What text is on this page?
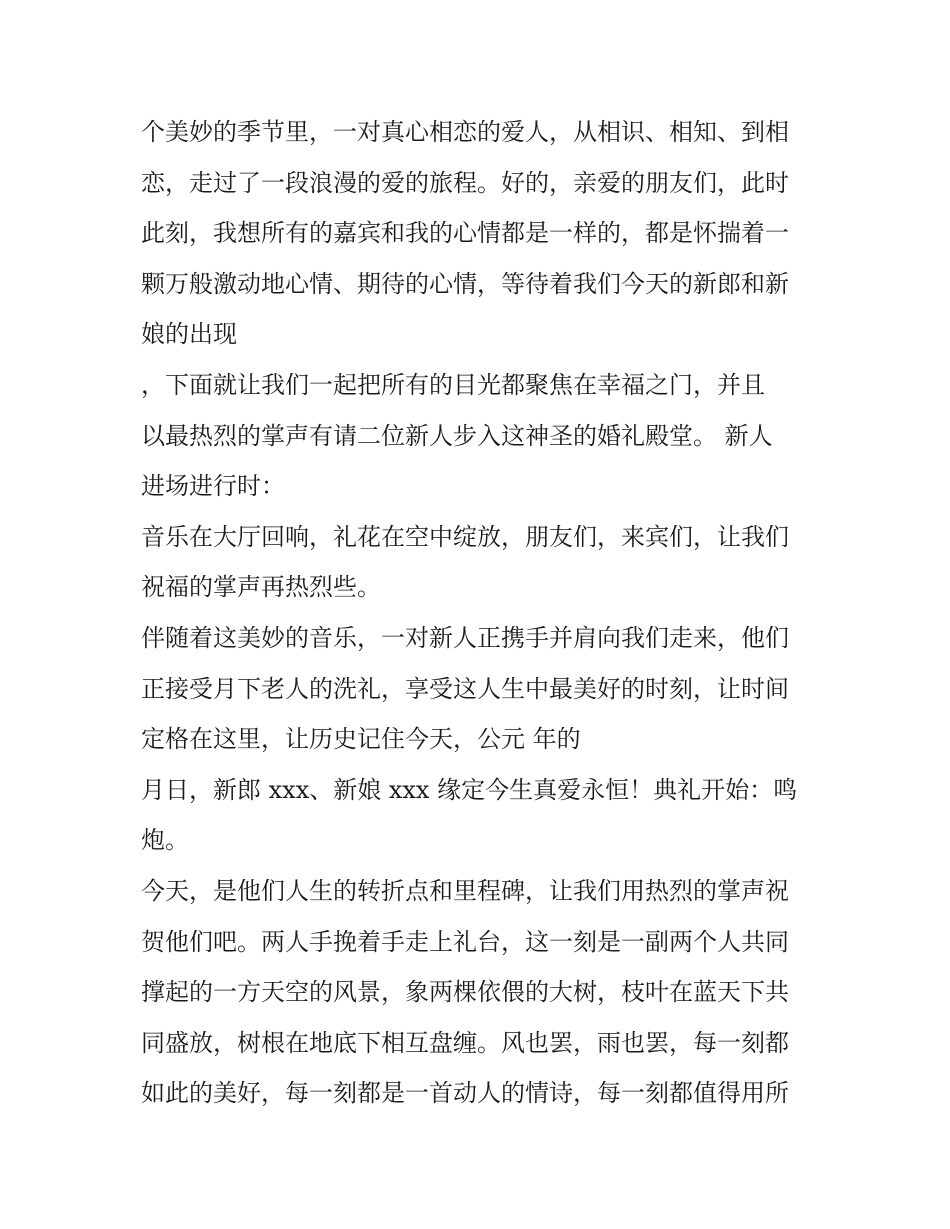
个美妙的季节里，一对真心相恋的爱人，从相识、相知、到相
恋，走过了一段浪漫的爱的旅程。好的，亲爱的朋友们，此时
此刻，我想所有的嘉宾和我的心情都是一样的，都是怀揣着一
颗万般激动地心情、期待的心情，等待着我们今天的新郎和新
娘的出现
，下面就让我们一起把所有的目光都聚焦在幸福之门，并且
以最热烈的掌声有请二位新人步入这神圣的婚礼殿堂。 新人
进场进行时：
音乐在大厅回响，礼花在空中绽放，朋友们，来宾们，让我们
祝福的掌声再热烈些。
伴随着这美妙的音乐，一对新人正携手并肩向我们走来，他们
正接受月下老人的洗礼，享受这人生中最美好的时刻，让时间
定格在这里，让历史记住今天，公元 年的
月日，新郎 xxx、新娘 xxx 缘定今生真爱永恒！典礼开始：鸣
炮。
今天，是他们人生的转折点和里程碑，让我们用热烈的掌声祝
贺他们吧。两人手挽着手走上礼台，这一刻是一副两个人共同
撑起的一方天空的风景，象两棵依偎的大树，枝叶在蓝天下共
同盛放，树根在地底下相互盘缠。风也罢，雨也罢，每一刻都
如此的美好，每一刻都是一首动人的情诗，每一刻都值得用所
